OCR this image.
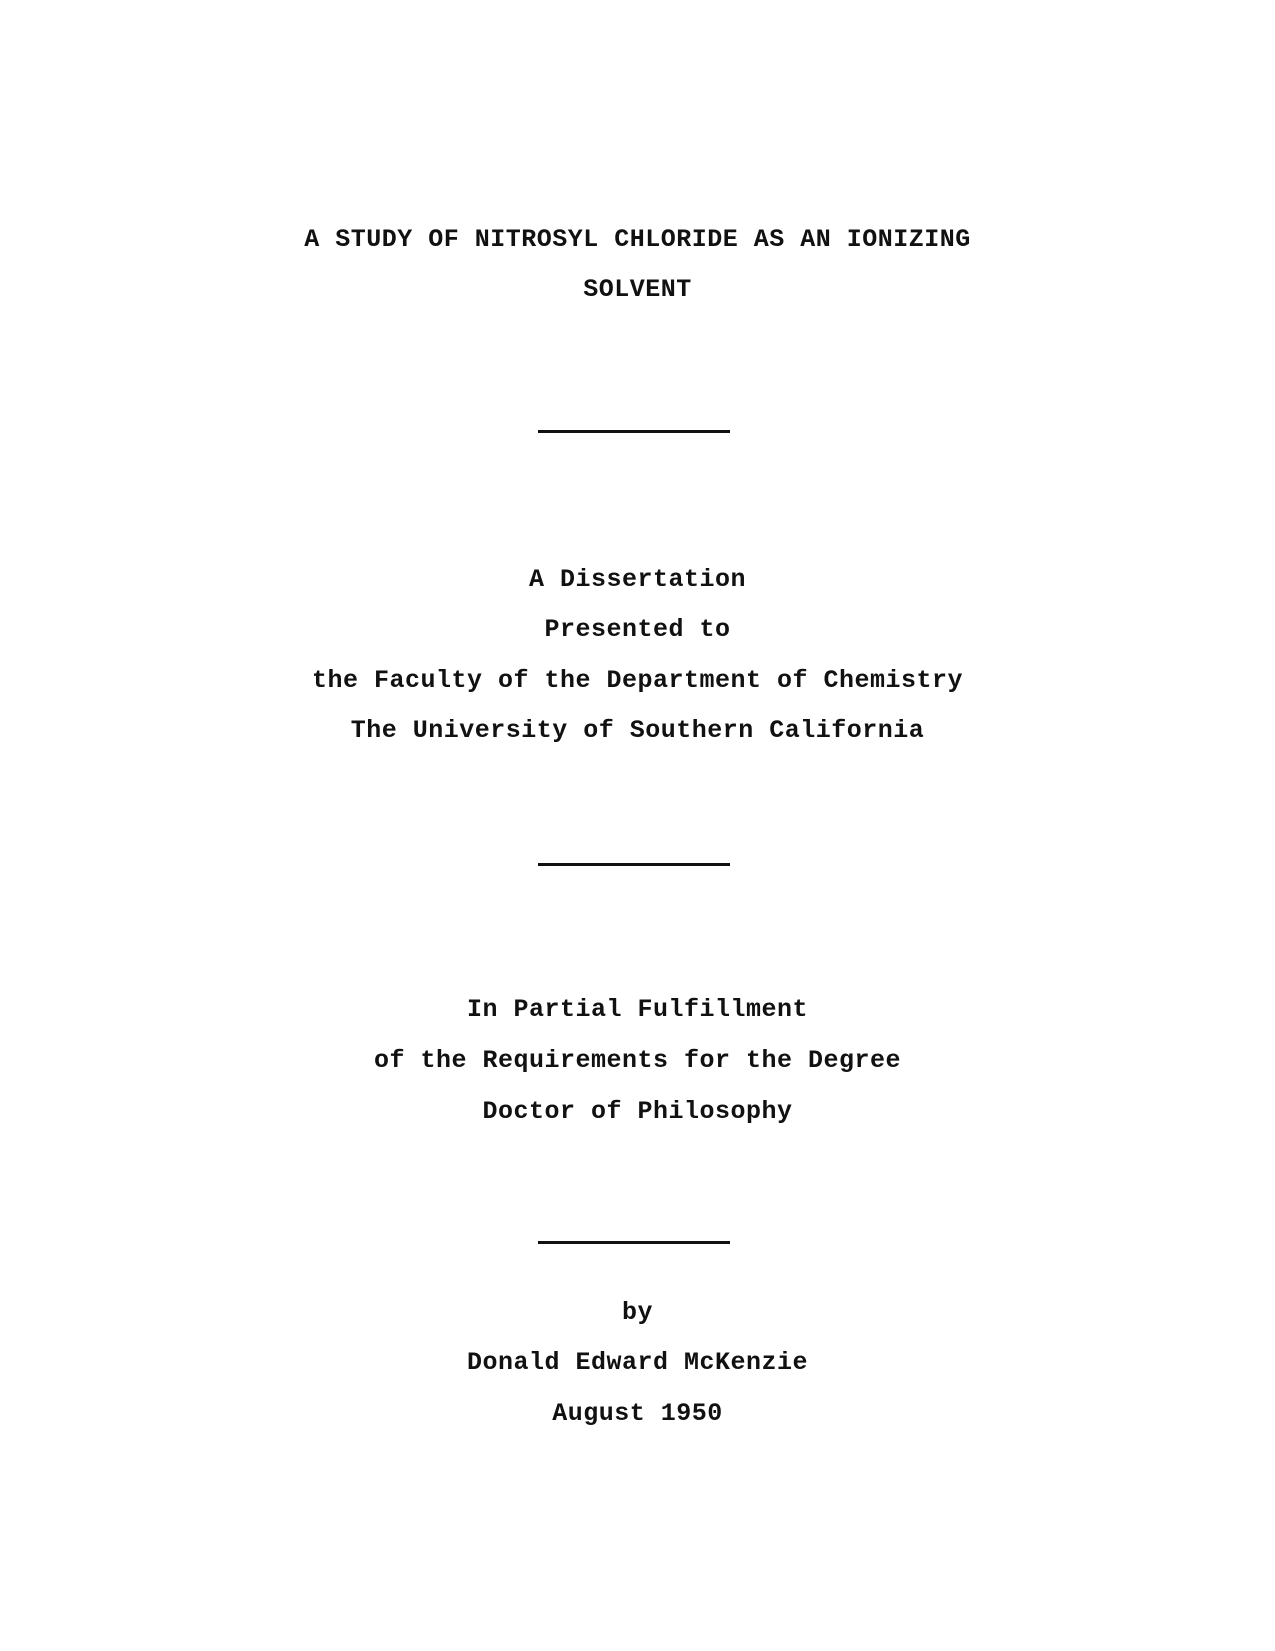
A STUDY OF NITROSYL CHLORIDE AS AN IONIZING
SOLVENT
A Dissertation
Presented to
the Faculty of the Department of Chemistry
The University of Southern California
In Partial Fulfillment
of the Requirements for the Degree
Doctor of Philosophy
by
Donald Edward McKenzie
August 1950
